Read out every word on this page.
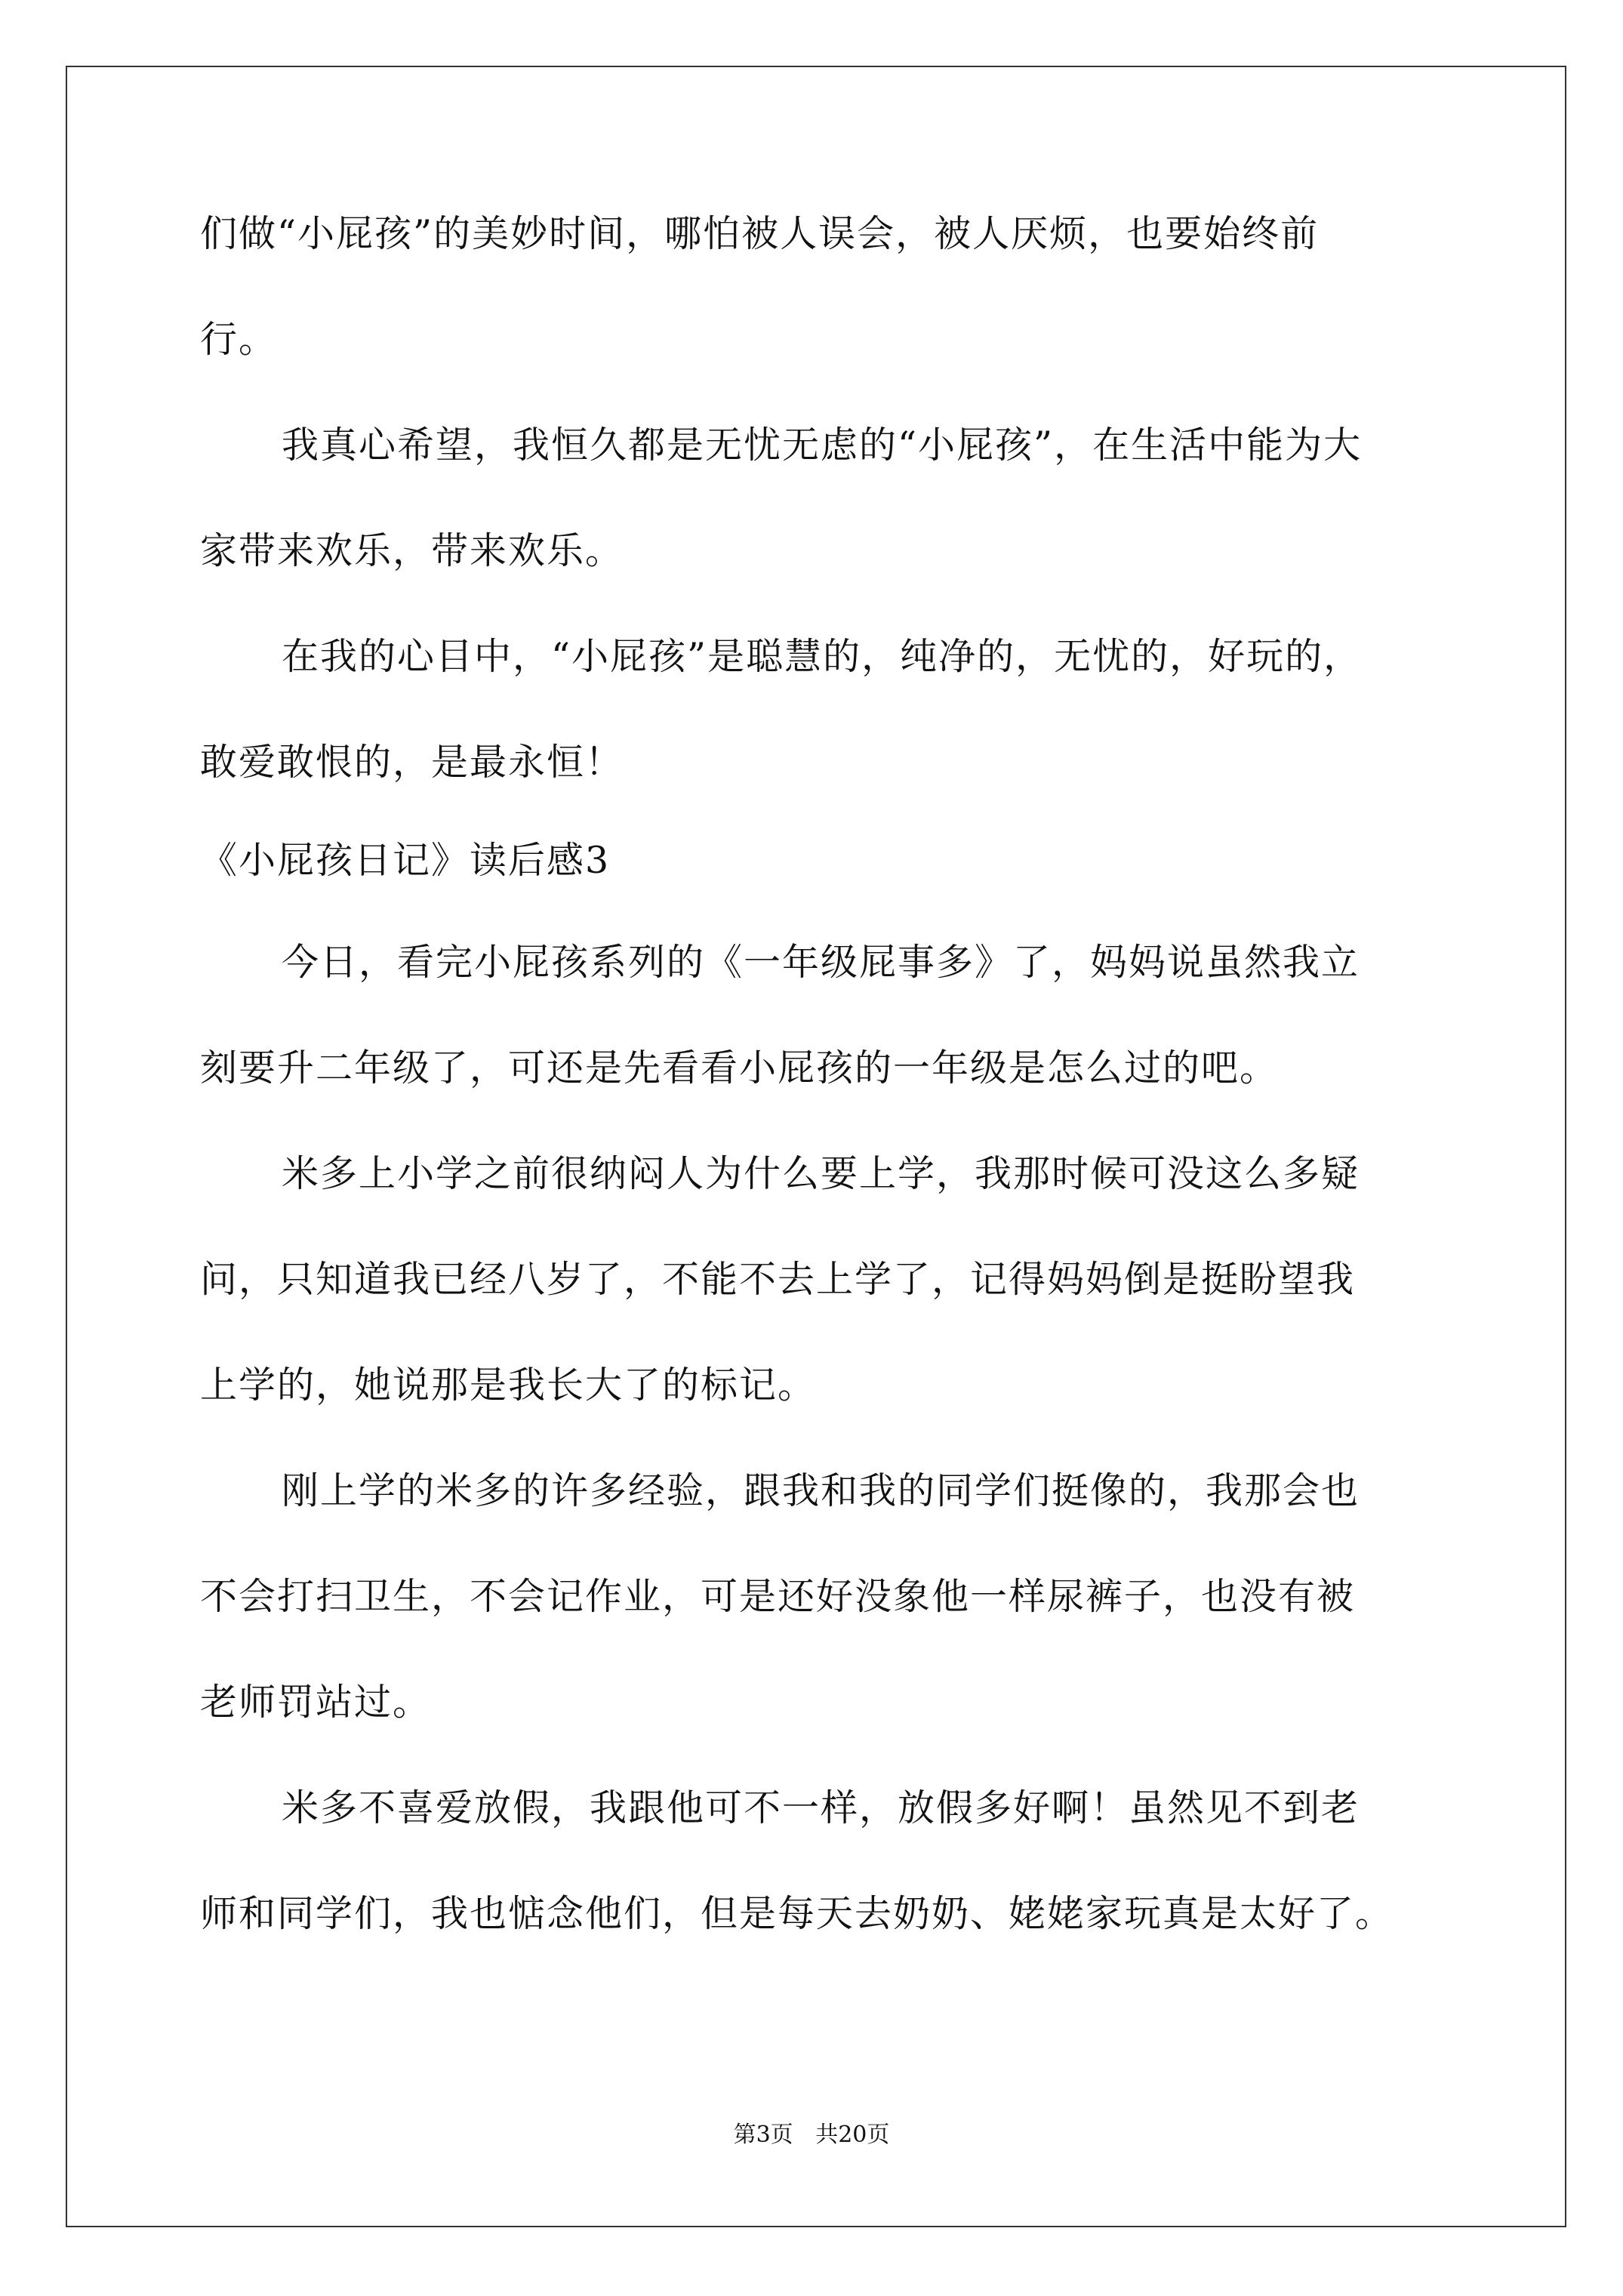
们做“小屁孩”的美妙时间，哪怕被人误会，被人厌烦，也要始终前
行。
我真心希望，我恒久都是无忧无虑的“小屁孩”，在生活中能为大
家带来欢乐，带来欢乐。
在我的心目中，“小屁孩”是聪慧的，纯净的，无忧的，好玩的，
敢爱敢恨的，是最永恒！
《小屁孩日记》读后感3
今日，看完小屁孩系列的《一年级屁事多》了，妈妈说虽然我立
刻要升二年级了，可还是先看看小屁孩的一年级是怎么过的吧。
米多上小学之前很纳闷人为什么要上学，我那时候可没这么多疑
问，只知道我已经八岁了，不能不去上学了，记得妈妈倒是挺盼望我
上学的，她说那是我长大了的标记。
刚上学的米多的许多经验，跟我和我的同学们挺像的，我那会也
不会打扫卫生，不会记作业，可是还好没象他一样尿裤子，也没有被
老师罚站过。
米多不喜爱放假，我跟他可不一样，放假多好啊！虽然见不到老
师和同学们，我也惦念他们，但是每天去奶奶、姥姥家玩真是太好了。
第3页 共20页
